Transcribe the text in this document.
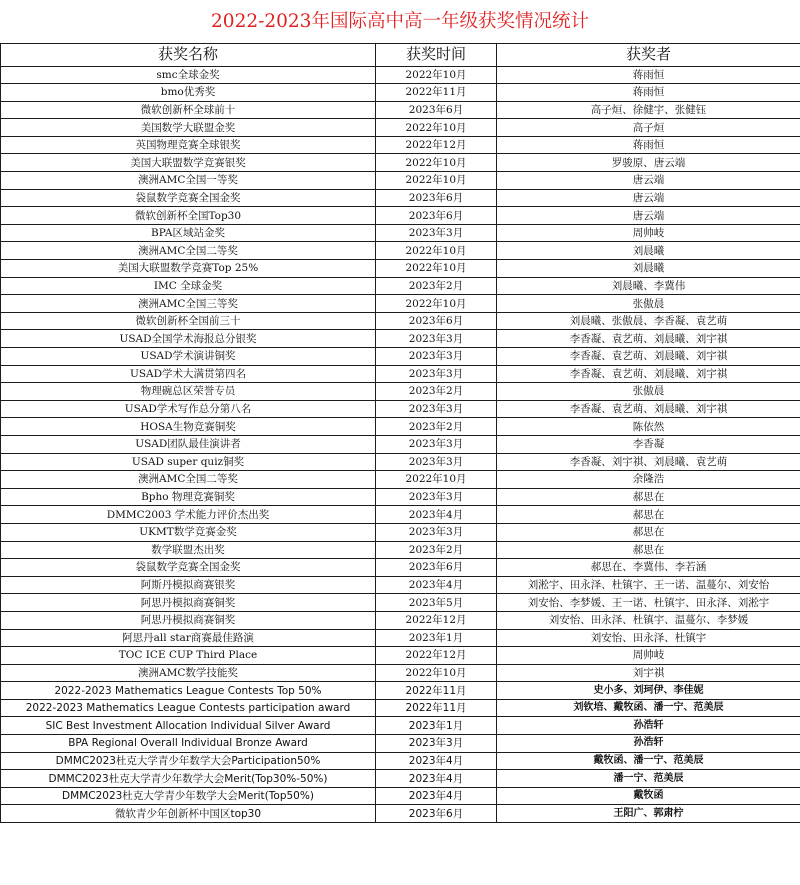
2022-2023年国际高中高一年级获奖情况统计
获奖名称	获奖时间	获奖者
smc全球金奖	2022年10月	蒋雨恒
bmo优秀奖	2022年11月	蒋雨恒
微软创新杯全球前十	2023年6月	高子烜、徐健宇、张健钰
美国数学大联盟金奖	2022年10月	高子烜
英国物理竞赛全球银奖	2022年12月	蒋雨恒
美国大联盟数学竞赛银奖	2022年10月	罗骏原、唐云端
澳洲AMC全国一等奖	2022年10月	唐云端
袋鼠数学竞赛全国金奖	2023年6月	唐云端
微软创新杯全国Top30	2023年6月	唐云端
BPA区域站金奖	2023年3月	周帅岐
澳洲AMC全国二等奖	2022年10月	刘晨曦
美国大联盟数学竞赛Top 25%	2022年10月	刘晨曦
IMC 全球金奖	2023年2月	刘晨曦、李冀伟
澳洲AMC全国三等奖	2022年10月	张傲晨
微软创新杯全国前三十	2023年6月	刘晨曦、张傲晨、李香凝、袁艺萌
USAD全国学术海报总分银奖	2023年3月	李香凝、袁艺萌、刘晨曦、刘宇祺
USAD学术演讲铜奖	2023年3月	李香凝、袁艺萌、刘晨曦、刘宇祺
USAD学术大满贯第四名	2023年3月	李香凝、袁艺萌、刘晨曦、刘宇祺
物理碗总区荣誉专员	2023年2月	张傲晨
USAD学术写作总分第八名	2023年3月	李香凝、袁艺萌、刘晨曦、刘宇祺
HOSA生物竞赛铜奖	2023年2月	陈依然
USAD团队最佳演讲者	2023年3月	李香凝
USAD super quiz铜奖	2023年3月	李香凝、刘宇祺、刘晨曦、袁艺萌
澳洲AMC全国二等奖	2022年10月	余隆浩
Bpho 物理竞赛铜奖	2023年3月	郝思在
DMMC2003 学术能力评价杰出奖	2023年4月	郝思在
UKMT数学竞赛金奖	2023年3月	郝思在
数学联盟杰出奖	2023年2月	郝思在
袋鼠数学竞赛全国金奖	2023年6月	郝思在、李冀伟、李若涵
阿斯丹模拟商赛银奖	2023年4月	刘淞宇、田永泽、杜镇宇、王一诺、温蔓尔、刘安怡
阿思丹模拟商赛铜奖	2023年5月	刘安怡、李梦媛、王一诺、杜镇宇、田永泽、刘淞宇
阿思丹模拟商赛铜奖	2022年12月	刘安怡、田永泽、杜镇宇、温蔓尔、李梦媛
阿思丹all star商赛最佳路演	2023年1月	刘安怡、田永泽、杜镇宇
TOC ICE CUP Third Place	2022年12月	周帅岐
澳洲AMC数学技能奖	2022年10月	刘宇祺
2022-2023 Mathematics League Contests Top 50%	2022年11月	史小多、刘珂伊、李佳妮
2022-2023 Mathematics League Contests participation award	2022年11月	刘钦培、戴牧函、潘一宁、范美辰
SIC Best Investment Allocation Individual Silver Award	2023年1月	孙浩轩
BPA Regional Overall Individual Bronze Award	2023年3月	孙浩轩
DMMC2023杜克大学青少年数学大会Participation50%	2023年4月	戴牧函、潘一宁、范美辰
DMMC2023杜克大学青少年数学大会Merit(Top30%-50%)	2023年4月	潘一宁、范美辰
DMMC2023杜克大学青少年数学大会Merit(Top50%)	2023年4月	戴牧函
微软青少年创新杯中国区top30	2023年6月	王阳广、郭肃柠
